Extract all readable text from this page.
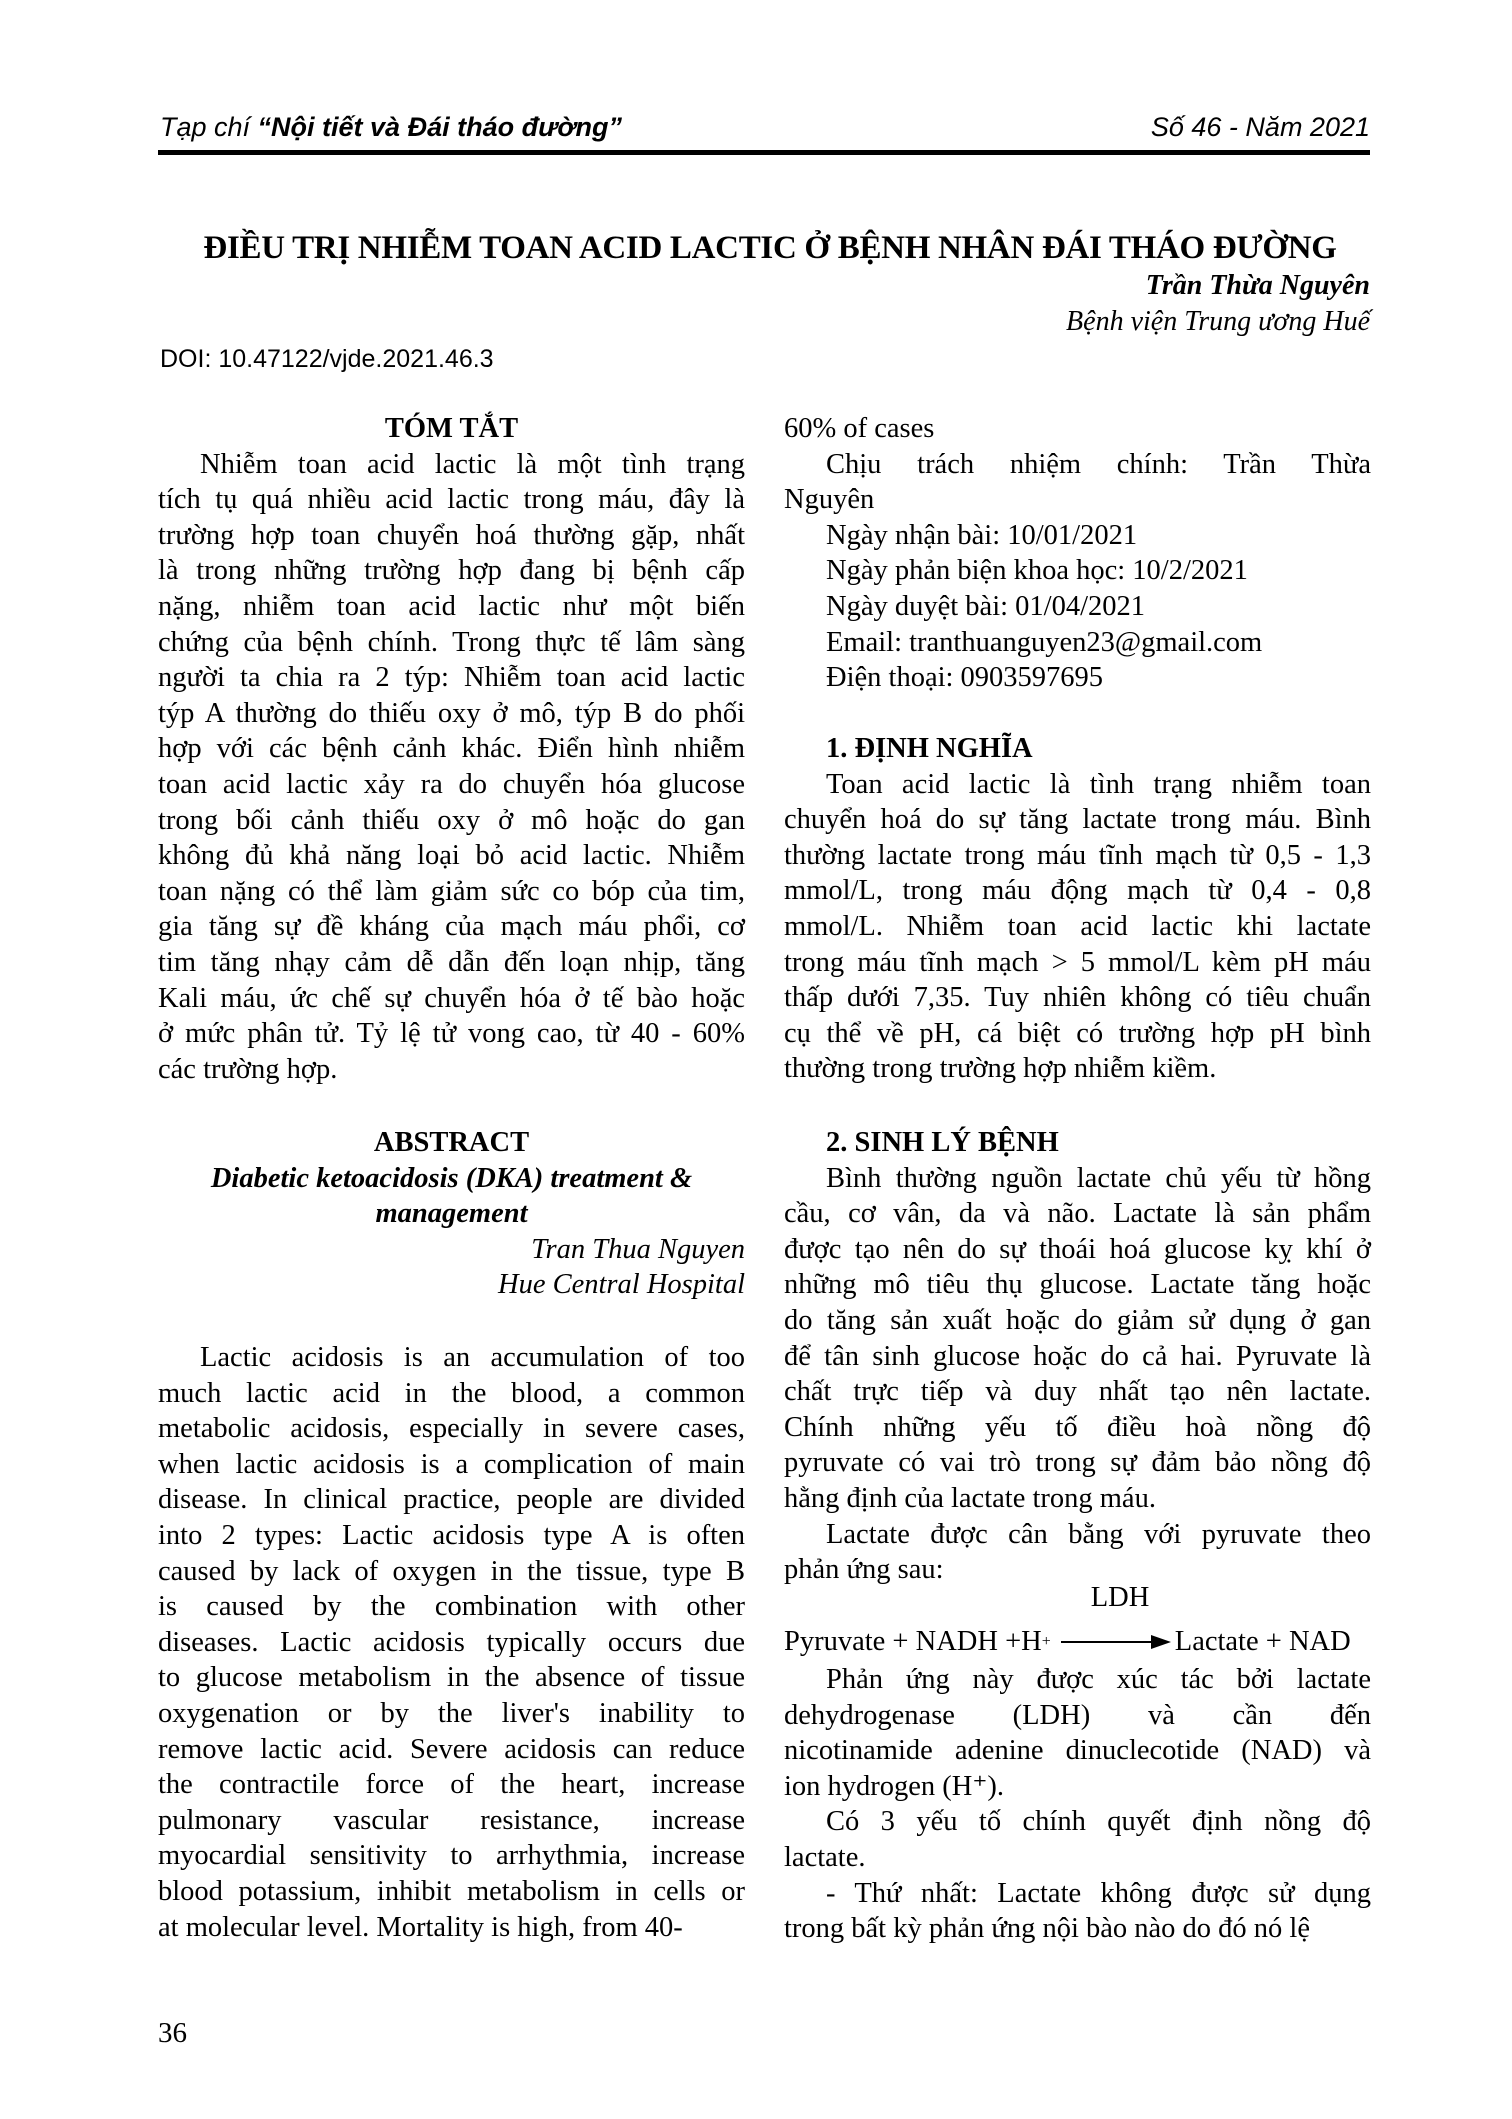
Tạp chí “Nội tiết và Đái tháo đường”	Số 46 - Năm 2021
ĐIỀU TRỊ NHIỄM TOAN ACID LACTIC Ở BỆNH NHÂN ĐÁI THÁO ĐƯỜNG
Trần Thừa Nguyên
Bệnh viện Trung ương Huế
DOI: 10.47122/vjde.2021.46.3
TÓM TẮT
Nhiễm toan acid lactic là một tình trạng
tích tụ quá nhiều acid lactic trong máu, đây là
trường hợp toan chuyển hoá thường gặp, nhất
là trong những trường hợp đang bị bệnh cấp
nặng, nhiễm toan acid lactic như một biến
chứng của bệnh chính. Trong thực tế lâm sàng
người ta chia ra 2 týp: Nhiễm toan acid lactic
týp A thường do thiếu oxy ở mô, týp B do phối
hợp với các bệnh cảnh khác. Điển hình nhiễm
toan acid lactic xảy ra do chuyển hóa glucose
trong bối cảnh thiếu oxy ở mô hoặc do gan
không đủ khả năng loại bỏ acid lactic. Nhiễm
toan nặng có thể làm giảm sức co bóp của tim,
gia tăng sự đề kháng của mạch máu phổi, cơ
tim tăng nhạy cảm dễ dẫn đến loạn nhịp, tăng
Kali máu, ức chế sự chuyển hóa ở tế bào hoặc
ở mức phân tử. Tỷ lệ tử vong cao, từ 40 - 60%
các trường hợp.
ABSTRACT
Diabetic ketoacidosis (DKA) treatment &
management
Tran Thua Nguyen
Hue Central Hospital
Lactic acidosis is an accumulation of too
much lactic acid in the blood, a common
metabolic acidosis, especially in severe cases,
when lactic acidosis is a complication of main
disease. In clinical practice, people are divided
into 2 types: Lactic acidosis type A is often
caused by lack of oxygen in the tissue, type B
is caused by the combination with other
diseases. Lactic acidosis typically occurs due
to glucose metabolism in the absence of tissue
oxygenation or by the liver's inability to
remove lactic acid. Severe acidosis can reduce
the contractile force of the heart, increase
pulmonary vascular resistance, increase
myocardial sensitivity to arrhythmia, increase
blood potassium, inhibit metabolism in cells or
at molecular level. Mortality is high, from 40-
60% of cases
Chịu trách nhiệm chính: Trần Thừa
Nguyên
Ngày nhận bài: 10/01/2021
Ngày phản biện khoa học: 10/2/2021
Ngày duyệt bài: 01/04/2021
Email: tranthuanguyen23@gmail.com
Điện thoại: 0903597695
1. ĐỊNH NGHĨA
Toan acid lactic là tình trạng nhiễm toan
chuyển hoá do sự tăng lactate trong máu. Bình
thường lactate trong máu tĩnh mạch từ 0,5 - 1,3
mmol/L, trong máu động mạch từ 0,4 - 0,8
mmol/L. Nhiễm toan acid lactic khi lactate
trong máu tĩnh mạch > 5 mmol/L kèm pH máu
thấp dưới 7,35. Tuy nhiên không có tiêu chuẩn
cụ thể về pH, cá biệt có trường hợp pH bình
thường trong trường hợp nhiễm kiềm.
2. SINH LÝ BỆNH
Bình thường nguồn lactate chủ yếu từ hồng
cầu, cơ vân, da và não. Lactate là sản phẩm
được tạo nên do sự thoái hoá glucose kỵ khí ở
những mô tiêu thụ glucose. Lactate tăng hoặc
do tăng sản xuất hoặc do giảm sử dụng ở gan
để tân sinh glucose hoặc do cả hai. Pyruvate là
chất trực tiếp và duy nhất tạo nên lactate.
Chính những yếu tố điều hoà nồng độ
pyruvate có vai trò trong sự đảm bảo nồng độ
hằng định của lactate trong máu.
Lactate được cân bằng với pyruvate theo
phản ứng sau:
LDH
Pyruvate + NADH +H + → Lactate + NAD
Phản ứng này được xúc tác bởi lactate
dehydrogenase (LDH) và cần đến
nicotinamide adenine dinuclecotide (NAD) và
ion hydrogen (H⁺).
Có 3 yếu tố chính quyết định nồng độ
lactate.
- Thứ nhất: Lactate không được sử dụng
trong bất kỳ phản ứng nội bào nào do đó nó lệ
36
